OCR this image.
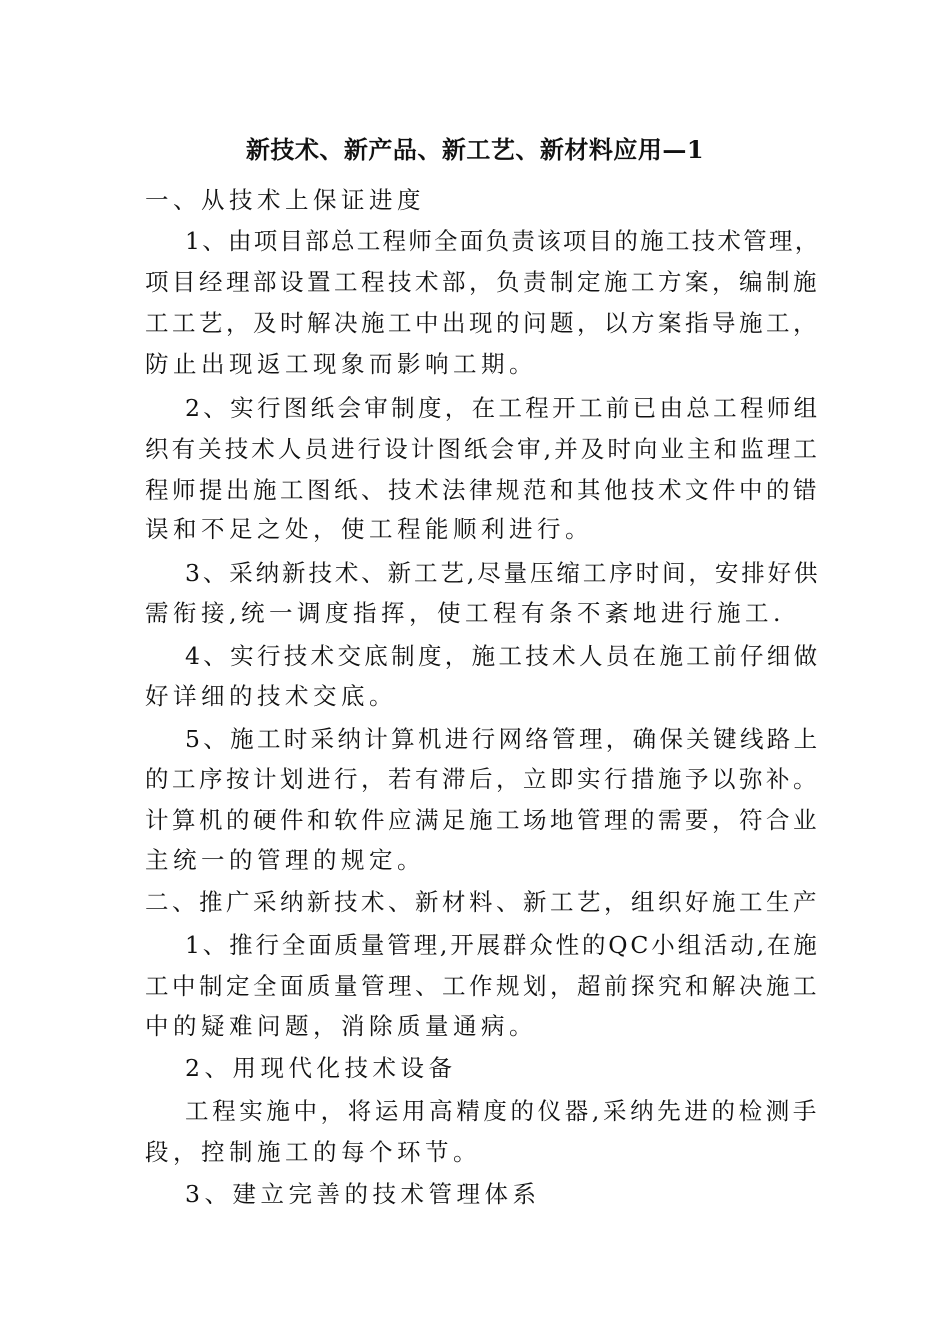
新技术、新产品、新工艺、新材料应用—1
一、从技术上保证进度
1、由项目部总工程师全面负责该项目的施工技术管理，
项目经理部设置工程技术部，负责制定施工方案，编制施
工工艺，及时解决施工中出现的问题，以方案指导施工，
防止出现返工现象而影响工期。
2、实行图纸会审制度，在工程开工前已由总工程师组
织有关技术人员进行设计图纸会审,并及时向业主和监理工
程师提出施工图纸、技术法律规范和其他技术文件中的错
误和不足之处，使工程能顺利进行。
3、采纳新技术、新工艺,尽量压缩工序时间，安排好供
需衔接,统一调度指挥，使工程有条不紊地进行施工.
4、实行技术交底制度，施工技术人员在施工前仔细做
好详细的技术交底。
5、施工时采纳计算机进行网络管理，确保关键线路上
的工序按计划进行，若有滞后，立即实行措施予以弥补。
计算机的硬件和软件应满足施工场地管理的需要，符合业
主统一的管理的规定。
二、推广采纳新技术、新材料、新工艺，组织好施工生产
1、推行全面质量管理,开展群众性的QC小组活动,在施
工中制定全面质量管理、工作规划，超前探究和解决施工
中的疑难问题，消除质量通病。
2、用现代化技术设备
工程实施中，将运用高精度的仪器,采纳先进的检测手
段，控制施工的每个环节。
3、建立完善的技术管理体系
